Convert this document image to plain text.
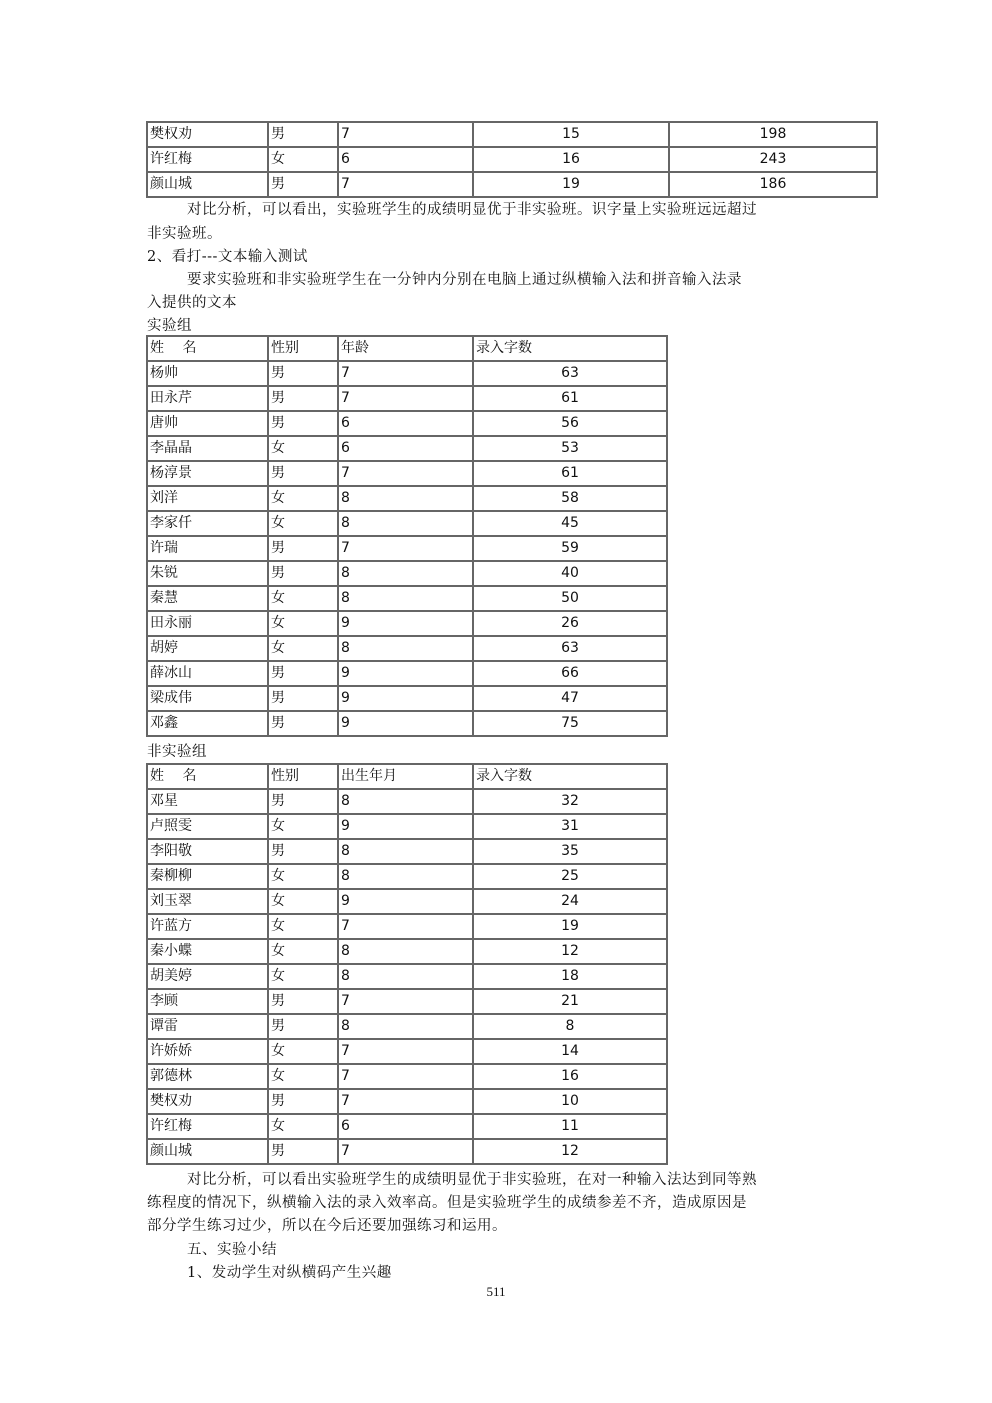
樊权劝	男	7	15	198
许红梅	女	6	16	243
颜山城	男	7	19	186
对比分析，可以看出，实验班学生的成绩明显优于非实验班。识字量上实验班远远超过
非实验班。
2、看打---文本输入测试
要求实验班和非实验班学生在一分钟内分别在电脑上通过纵横输入法和拼音输入法录
入提供的文本
实验组
姓　 名	性别	年龄	录入字数
杨帅	男	7	63
田永芹	男	7	61
唐帅	男	6	56
李晶晶	女	6	53
杨淳景	男	7	61
刘洋	女	8	58
李家仟	女	8	45
许瑞	男	7	59
朱锐	男	8	40
秦慧	女	8	50
田永丽	女	9	26
胡婷	女	8	63
薛冰山	男	9	66
梁成伟	男	9	47
邓鑫	男	9	75
非实验组
姓　 名	性别	出生年月	录入字数
邓星	男	8	32
卢照雯	女	9	31
李阳敬	男	8	35
秦柳柳	女	8	25
刘玉翠	女	9	24
许蓝方	女	7	19
秦小蝶	女	8	12
胡美婷	女	8	18
李顾	男	7	21
谭雷	男	8	8
许娇娇	女	7	14
郭德林	女	7	16
樊权劝	男	7	10
许红梅	女	6	11
颜山城	男	7	12
对比分析，可以看出实验班学生的成绩明显优于非实验班，在对一种输入法达到同等熟
练程度的情况下，纵横输入法的录入效率高。但是实验班学生的成绩参差不齐，造成原因是
部分学生练习过少，所以在今后还要加强练习和运用。
五、实验小结
1、发动学生对纵横码产生兴趣
511
